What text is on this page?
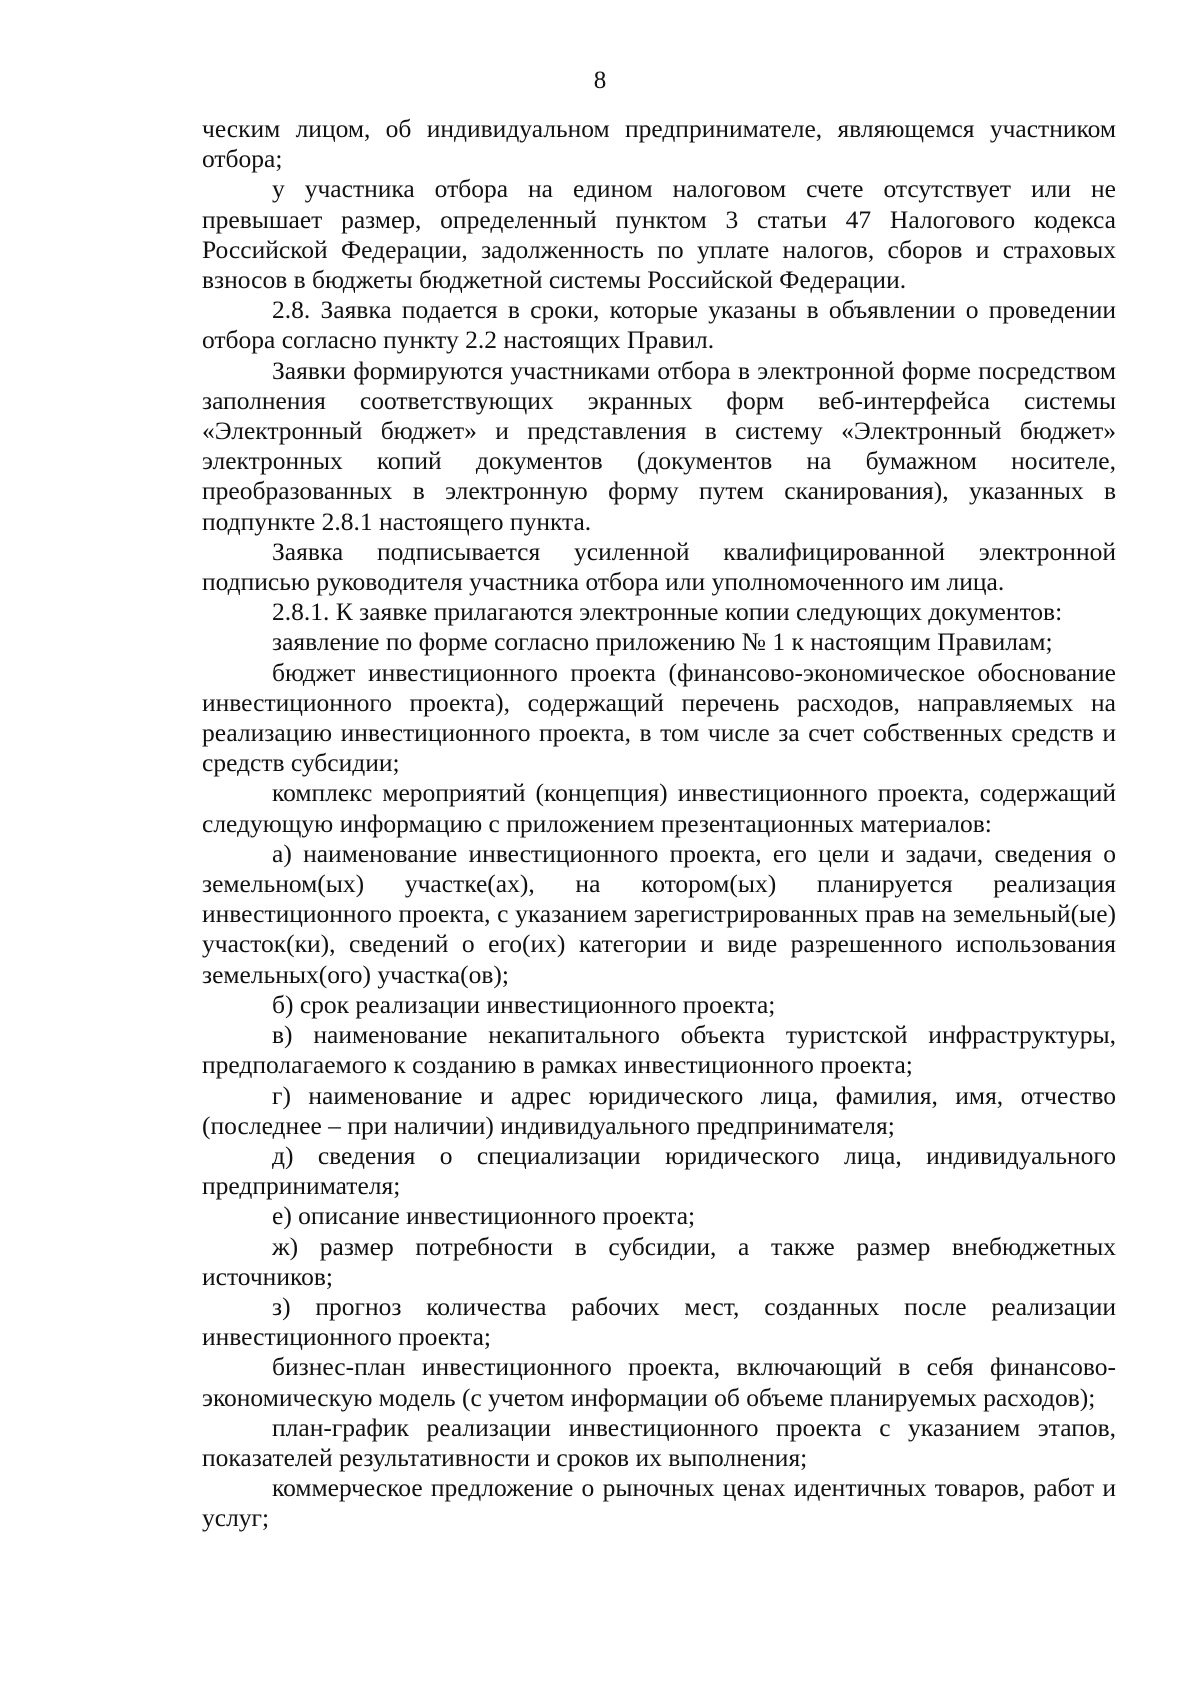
8

ческим лицом, об индивидуальном предпринимателе, являющемся участником отбора;

у участника отбора на едином налоговом счете отсутствует или не превышает размер, определенный пунктом 3 статьи 47 Налогового кодекса Российской Федерации, задолженность по уплате налогов, сборов и страховых взносов в бюджеты бюджетной системы Российской Федерации.

2.8. Заявка подается в сроки, которые указаны в объявлении о проведении отбора согласно пункту 2.2 настоящих Правил.

Заявки формируются участниками отбора в электронной форме посредством заполнения соответствующих экранных форм веб-интерфейса системы «Электронный бюджет» и представления в систему «Электронный бюджет» электронных копий документов (документов на бумажном носителе, преобразованных в электронную форму путем сканирования), указанных в подпункте 2.8.1 настоящего пункта.

Заявка подписывается усиленной квалифицированной электронной подписью руководителя участника отбора или уполномоченного им лица.

2.8.1. К заявке прилагаются электронные копии следующих документов:

заявление по форме согласно приложению № 1 к настоящим Правилам;

бюджет инвестиционного проекта (финансово-экономическое обоснование инвестиционного проекта), содержащий перечень расходов, направляемых на реализацию инвестиционного проекта, в том числе за счет собственных средств и средств субсидии;

комплекс мероприятий (концепция) инвестиционного проекта, содержащий следующую информацию с приложением презентационных материалов:

а) наименование инвестиционного проекта, его цели и задачи, сведения о земельном(ых) участке(ах), на котором(ых) планируется реализация инвестиционного проекта, с указанием зарегистрированных прав на земельный(ые) участок(ки), сведений о его(их) категории и виде разрешенного использования земельных(ого) участка(ов);

б) срок реализации инвестиционного проекта;

в) наименование некапитального объекта туристской инфраструктуры, предполагаемого к созданию в рамках инвестиционного проекта;

г) наименование и адрес юридического лица, фамилия, имя, отчество (последнее – при наличии) индивидуального предпринимателя;

д) сведения о специализации юридического лица, индивидуального предпринимателя;

е) описание инвестиционного проекта;

ж) размер потребности в субсидии, а также размер внебюджетных источников;

з) прогноз количества рабочих мест, созданных после реализации инвестиционного проекта;

бизнес-план инвестиционного проекта, включающий в себя финансово-экономическую модель (с учетом информации об объеме планируемых расходов);

план-график реализации инвестиционного проекта с указанием этапов, показателей результативности и сроков их выполнения;

коммерческое предложение о рыночных ценах идентичных товаров, работ и услуг;
